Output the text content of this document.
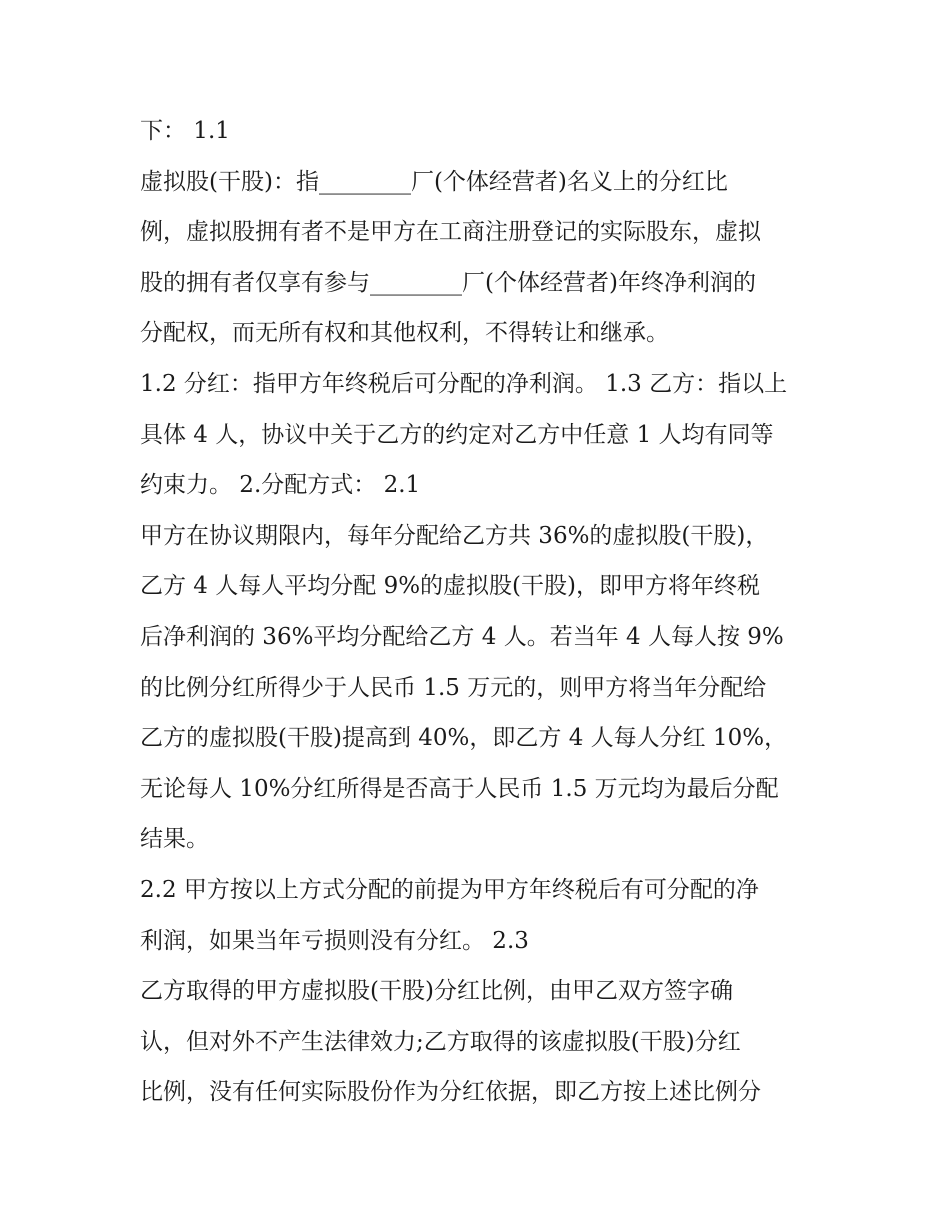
下： 1.1
虚拟股(干股)：指________厂(个体经营者)名义上的分红比
例，虚拟股拥有者不是甲方在工商注册登记的实际股东，虚拟
股的拥有者仅享有参与________厂(个体经营者)年终净利润的
分配权，而无所有权和其他权利，不得转让和继承。
1.2 分红：指甲方年终税后可分配的净利润。 1.3 乙方：指以上
具体 4 人，协议中关于乙方的约定对乙方中任意 1 人均有同等
约束力。 2.分配方式： 2.1
甲方在协议期限内，每年分配给乙方共 36%的虚拟股(干股)，
乙方 4 人每人平均分配 9%的虚拟股(干股)，即甲方将年终税
后净利润的 36%平均分配给乙方 4 人。若当年 4 人每人按 9%
的比例分红所得少于人民币 1.5 万元的，则甲方将当年分配给
乙方的虚拟股(干股)提高到 40%，即乙方 4 人每人分红 10%，
无论每人 10%分红所得是否高于人民币 1.5 万元均为最后分配
结果。
2.2 甲方按以上方式分配的前提为甲方年终税后有可分配的净
利润，如果当年亏损则没有分红。 2.3
乙方取得的甲方虚拟股(干股)分红比例，由甲乙双方签字确
认，但对外不产生法律效力;乙方取得的该虚拟股(干股)分红
比例，没有任何实际股份作为分红依据，即乙方按上述比例分
